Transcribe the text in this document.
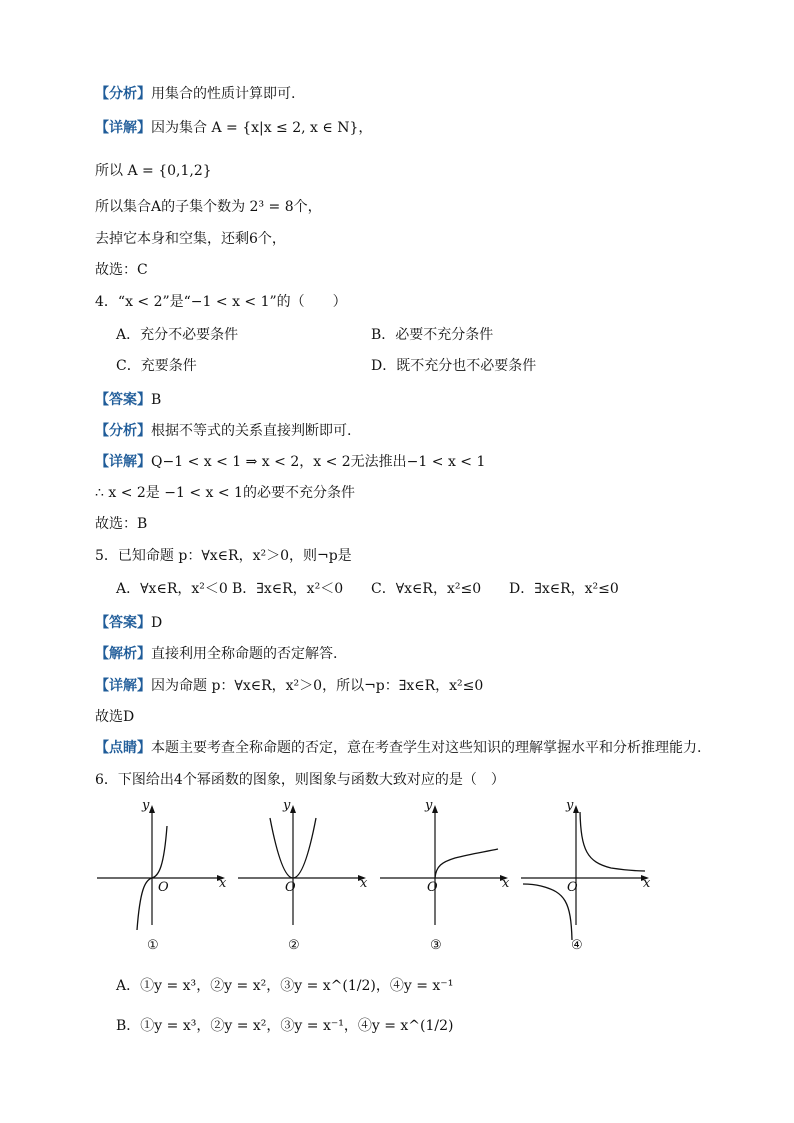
【分析】用集合的性质计算即可.
【详解】因为集合 A = {x|x ≤ 2, x ∈ N}，
所以 A = {0,1,2}
所以集合A的子集个数为 2³ = 8个，
去掉它本身和空集，还剩6个，
故选：C
4．“x < 2”是“−1 < x < 1”的（　　）
A．充分不必要条件	B．必要不充分条件
C．充要条件	D．既不充分也不必要条件
【答案】B
【分析】根据不等式的关系直接判断即可.
【详解】Q−1 < x < 1 ⇒ x < 2，x < 2无法推出−1 < x < 1
∴ x < 2是 −1 < x < 1的必要不充分条件
故选：B
5．已知命题 p：∀x∈R，x²＞0，则¬p是
A．∀x∈R，x²＜0 B．∃x∈R，x²＜0 C．∀x∈R，x²≤0 D．∃x∈R，x²≤0
【答案】D
【解析】直接利用全称命题的否定解答.
【详解】因为命题 p：∀x∈R，x²＞0，所以¬p：∃x∈R，x²≤0
故选D
【点睛】本题主要考查全称命题的否定，意在考查学生对这些知识的理解掌握水平和分析推理能力.
6．下图给出4个幂函数的图象，则图象与函数大致对应的是（　）
y
x
O
①
y
x
O
②
y
x
O
③
y
x
O
④
A．①y = x³，②y = x²，③y = x^(1/2)，④y = x⁻¹
B．①y = x³，②y = x²，③y = x⁻¹，④y = x^(1/2)
